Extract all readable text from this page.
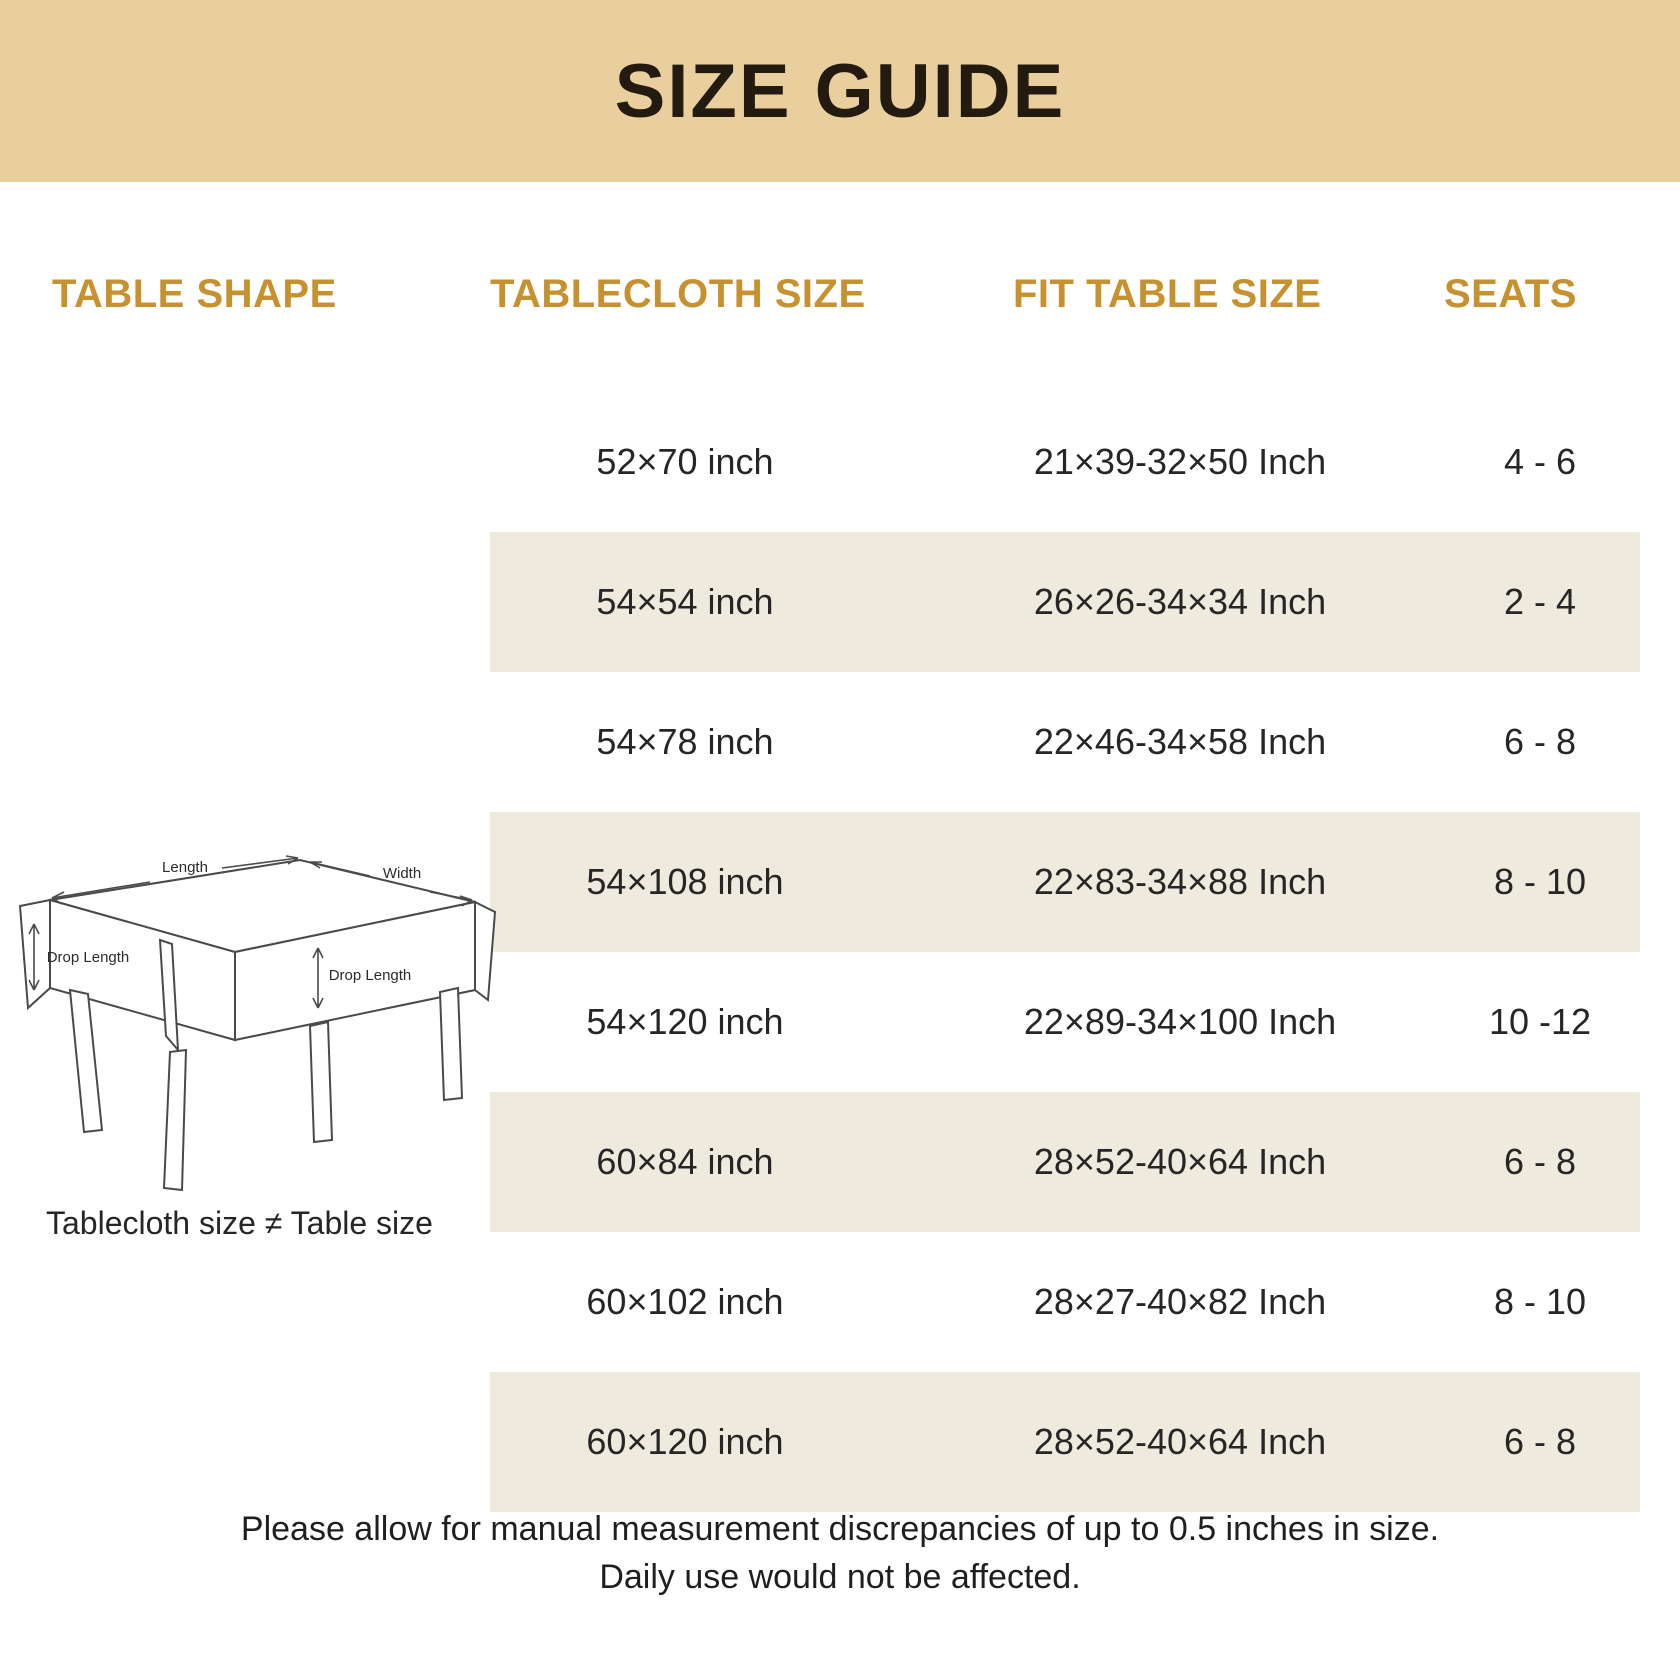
SIZE GUIDE
TABLE SHAPE	TABLECLOTH SIZE	FIT TABLE SIZE	SEATS
52×70 inch	21×39-32×50 Inch	4 - 6
54×54 inch	26×26-34×34 Inch	2 - 4
54×78 inch	22×46-34×58 Inch	6 - 8
54×108 inch	22×83-34×88 Inch	8 - 10
54×120 inch	22×89-34×100 Inch	10 -12
60×84 inch	28×52-40×64 Inch	6 - 8
60×102 inch	28×27-40×82 Inch	8 - 10
60×120 inch	28×52-40×64 Inch	6 - 8
Length	Width
Drop Length
Drop Length
Tablecloth size ≠ Table size
Please allow for manual measurement discrepancies of up to 0.5 inches in size.
Daily use would not be affected.
